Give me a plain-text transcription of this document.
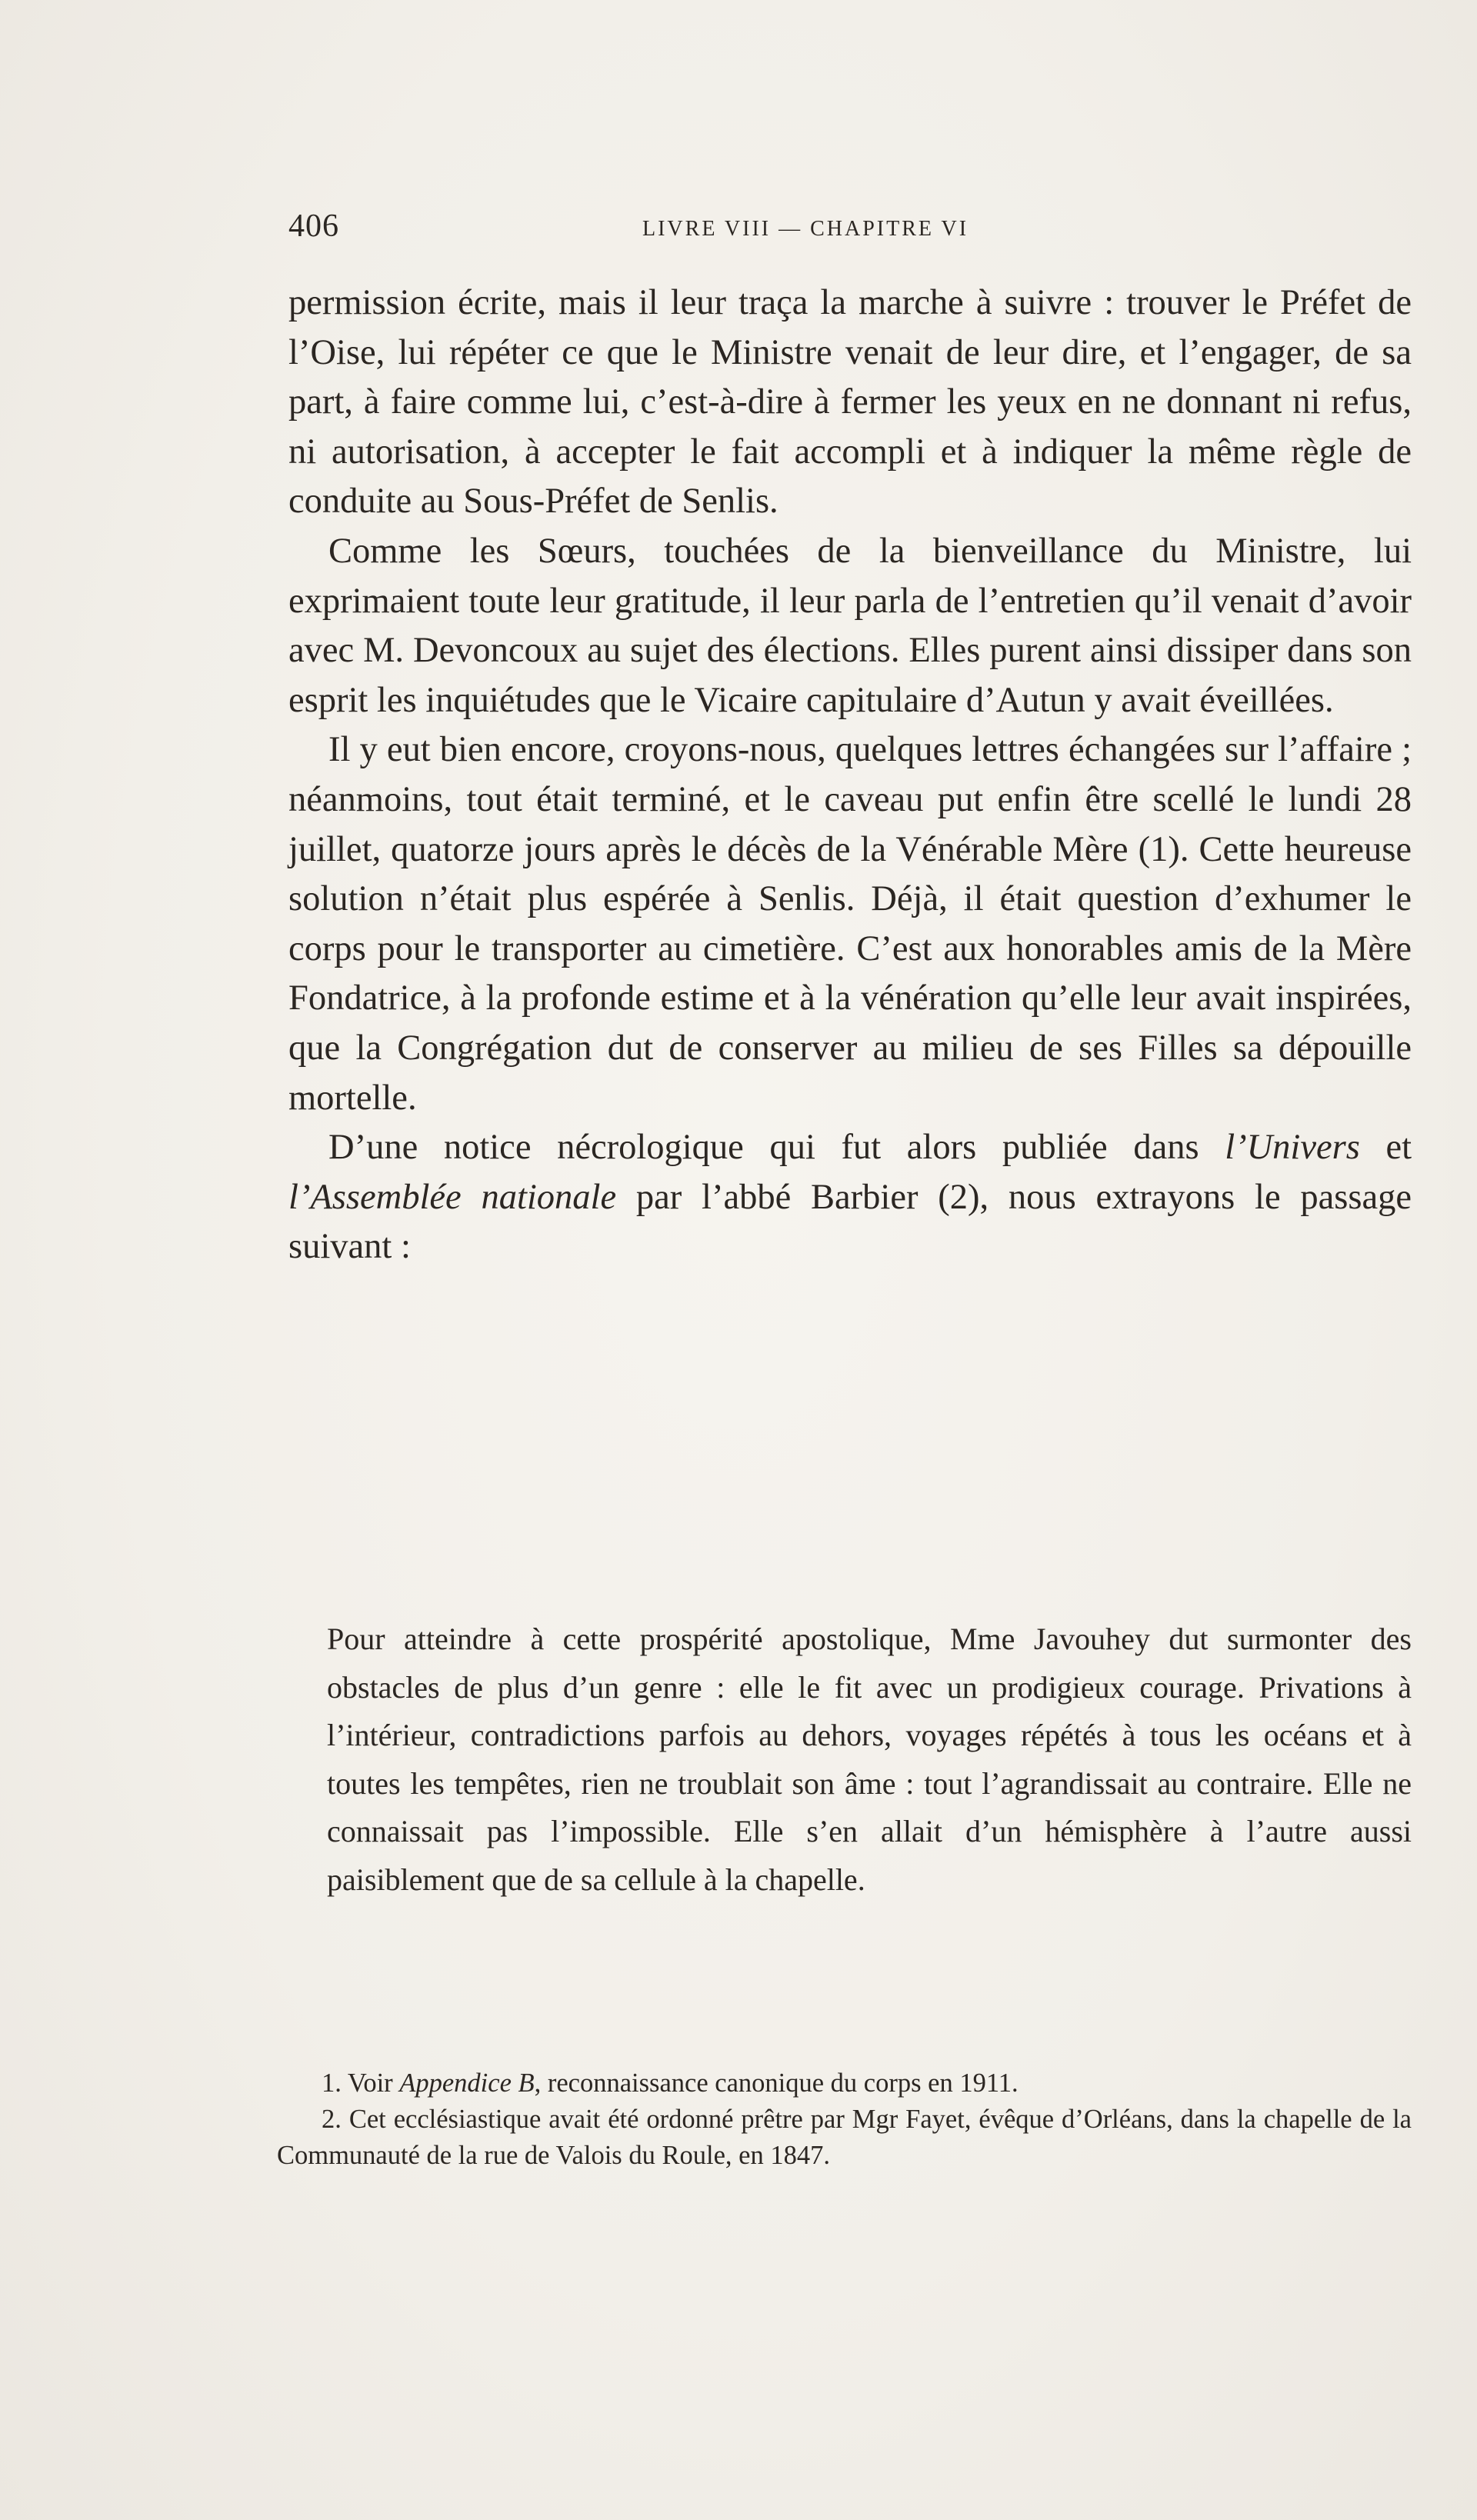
406	LIVRE VIII — CHAPITRE VI

permission écrite, mais il leur traça la marche à suivre : trouver le Préfet de l’Oise, lui répéter ce que le Ministre venait de leur dire, et l’engager, de sa part, à faire comme lui, c’est-à-dire à fermer les yeux en ne donnant ni refus, ni autorisation, à accepter le fait accompli et à indiquer la même règle de conduite au Sous-Préfet de Senlis.

Comme les Sœurs, touchées de la bienveillance du Ministre, lui exprimaient toute leur gratitude, il leur parla de l’entretien qu’il venait d’avoir avec M. Devoncoux au sujet des élections. Elles purent ainsi dissiper dans son esprit les inquiétudes que le Vicaire capitulaire d’Autun y avait éveillées.

Il y eut bien encore, croyons-nous, quelques lettres échangées sur l’affaire ; néanmoins, tout était terminé, et le caveau put enfin être scellé le lundi 28 juillet, quatorze jours après le décès de la Vénérable Mère (1). Cette heureuse solution n’était plus espérée à Senlis. Déjà, il était question d’exhumer le corps pour le transporter au cimetière. C’est aux honorables amis de la Mère Fondatrice, à la profonde estime et à la vénération qu’elle leur avait inspirées, que la Congrégation dut de conserver au milieu de ses Filles sa dépouille mortelle.

D’une notice nécrologique qui fut alors publiée dans l’Univers et l’Assemblée nationale par l’abbé Barbier (2), nous extrayons le passage suivant :

Pour atteindre à cette prospérité apostolique, Mme Javouhey dut surmonter des obstacles de plus d’un genre : elle le fit avec un prodigieux courage. Privations à l’intérieur, contradictions parfois au dehors, voyages répétés à tous les océans et à toutes les tempêtes, rien ne troublait son âme : tout l’agrandissait au contraire. Elle ne connaissait pas l’impossible. Elle s’en allait d’un hémisphère à l’autre aussi paisiblement que de sa cellule à la chapelle.

1. Voir Appendice B, reconnaissance canonique du corps en 1911.

2. Cet ecclésiastique avait été ordonné prêtre par Mgr Fayet, évêque d’Orléans, dans la chapelle de la Communauté de la rue de Valois du Roule, en 1847.
